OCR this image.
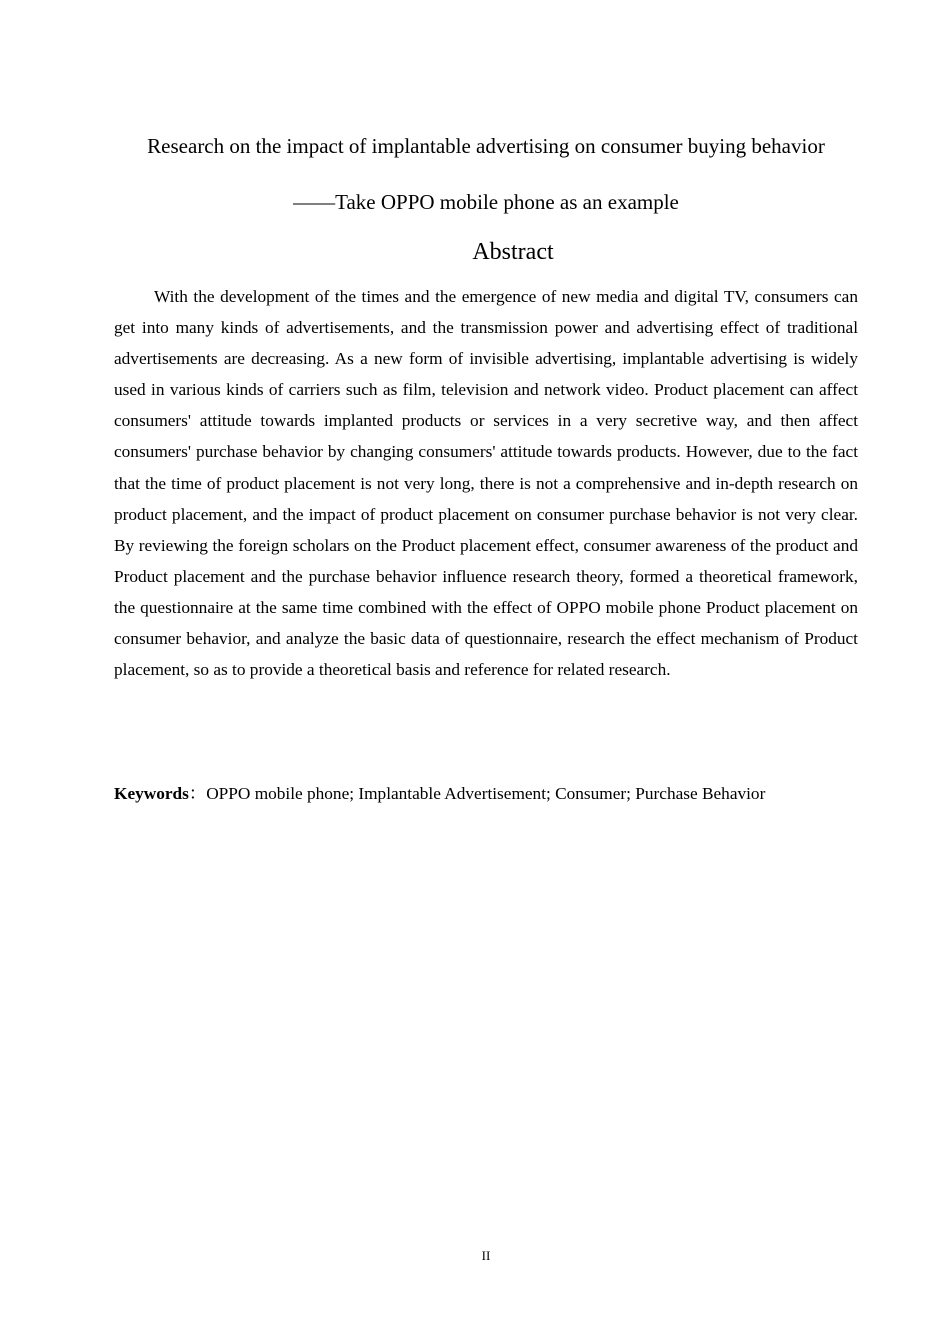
Research on the impact of implantable advertising on consumer buying behavior
——Take OPPO mobile phone as an example
Abstract

With the development of the times and the emergence of new media and digital TV, consumers can get into many kinds of advertisements, and the transmission power and advertising effect of traditional advertisements are decreasing. As a new form of invisible advertising, implantable advertising is widely used in various kinds of carriers such as film, television and network video. Product placement can affect consumers' attitude towards implanted products or services in a very secretive way, and then affect consumers' purchase behavior by changing consumers' attitude towards products. However, due to the fact that the time of product placement is not very long, there is not a comprehensive and in-depth research on product placement, and the impact of product placement on consumer purchase behavior is not very clear. By reviewing the foreign scholars on the Product placement effect, consumer awareness of the product and Product placement and the purchase behavior influence research theory, formed a theoretical framework, the questionnaire at the same time combined with the effect of OPPO mobile phone Product placement on consumer behavior, and analyze the basic data of questionnaire, research the effect mechanism of Product placement, so as to provide a theoretical basis and reference for related research.

Keywords：OPPO mobile phone; Implantable Advertisement; Consumer; Purchase Behavior
II
